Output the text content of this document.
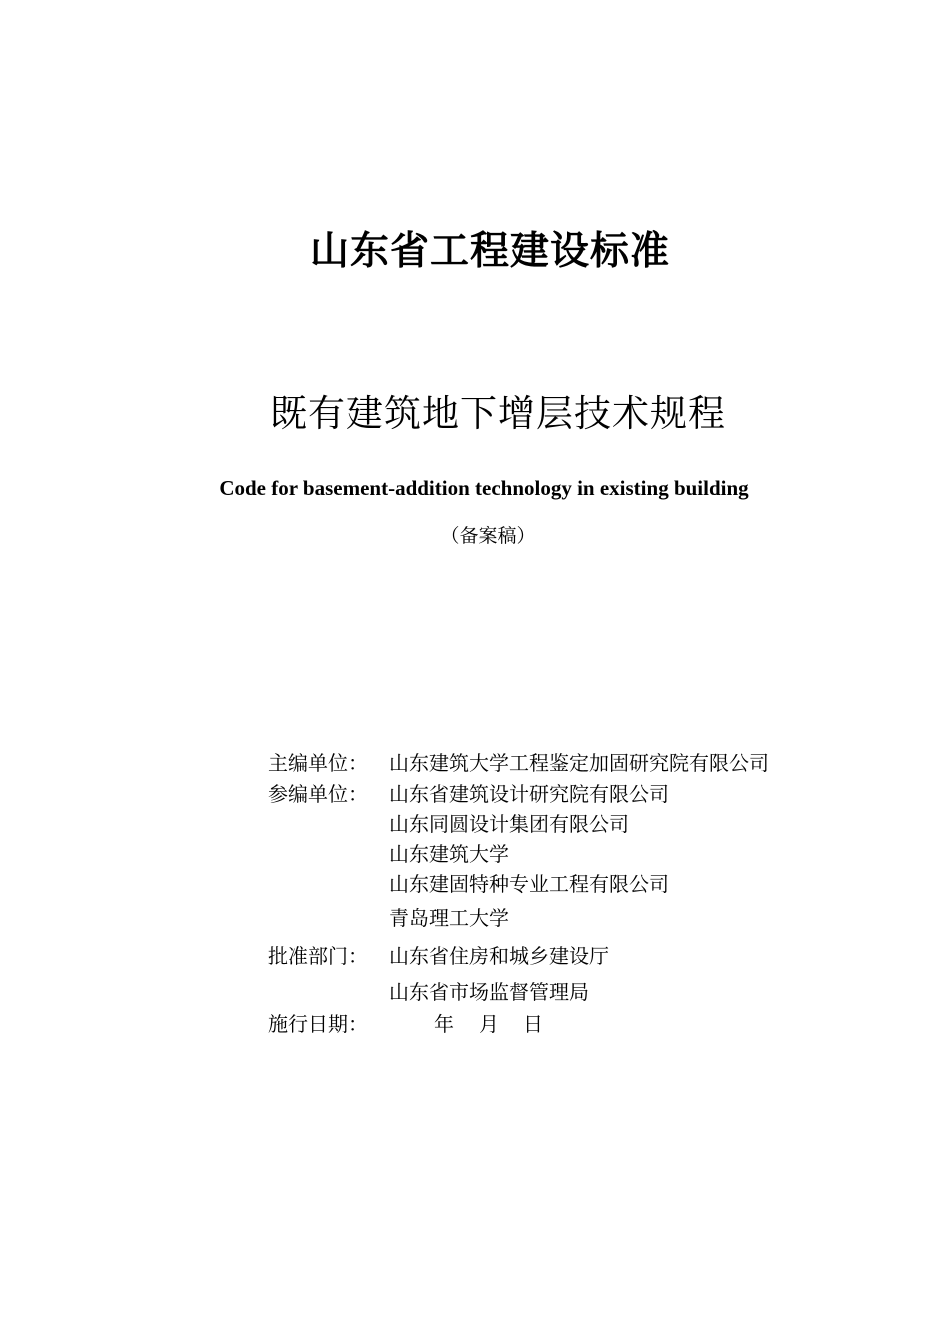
山东省工程建设标准
既有建筑地下增层技术规程
Code for basement-addition technology in existing building
（备案稿）
主编单位： 山东建筑大学工程鉴定加固研究院有限公司
参编单位： 山东省建筑设计研究院有限公司
山东同圆设计集团有限公司
山东建筑大学
山东建固特种专业工程有限公司
青岛理工大学
批准部门： 山东省住房和城乡建设厅
山东省市场监督管理局
施行日期：	年 月 日
